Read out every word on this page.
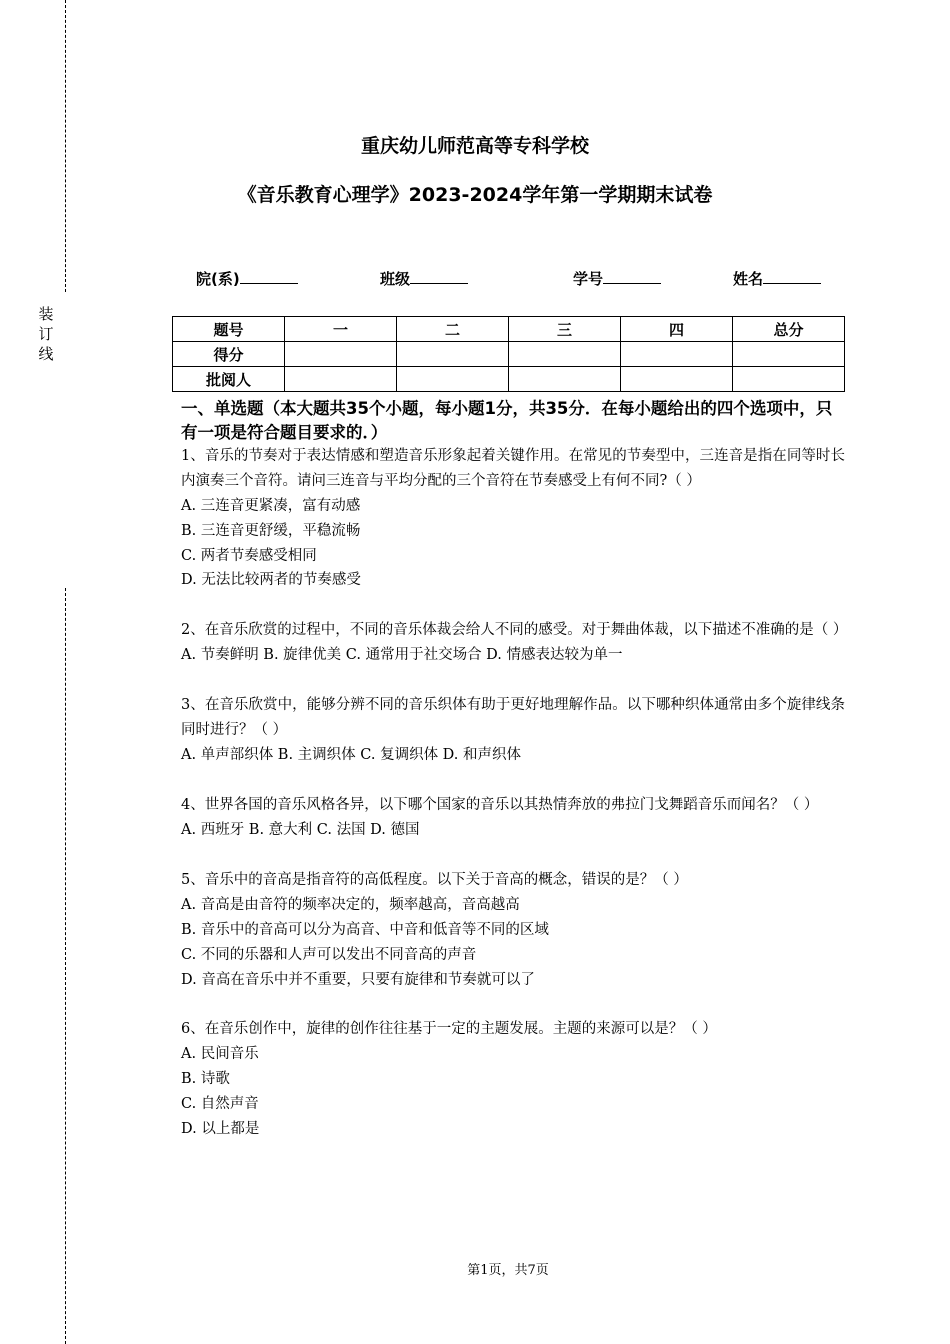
装订线
重庆幼儿师范高等专科学校
《音乐教育心理学》2023-2024学年第一学期期末试卷
院(系)	班级	学号	姓名
题号	一	二	三	四	总分
得分					
批阅人					
一、单选题（本大题共35个小题，每小题1分，共35分．在每小题给出的四个选项中，只有一项是符合题目要求的．）
1、音乐的节奏对于表达情感和塑造音乐形象起着关键作用。在常见的节奏型中，三连音是指在同等时长内演奏三个音符。请问三连音与平均分配的三个音符在节奏感受上有何不同?（ ）
A. 三连音更紧凑，富有动感
B. 三连音更舒缓，平稳流畅
C. 两者节奏感受相同
D. 无法比较两者的节奏感受
2、在音乐欣赏的过程中，不同的音乐体裁会给人不同的感受。对于舞曲体裁，以下描述不准确的是（ ）
A. 节奏鲜明 B. 旋律优美 C. 通常用于社交场合 D. 情感表达较为单一
3、在音乐欣赏中，能够分辨不同的音乐织体有助于更好地理解作品。以下哪种织体通常由多个旋律线条同时进行？（ ）
A. 单声部织体 B. 主调织体 C. 复调织体 D. 和声织体
4、世界各国的音乐风格各异，以下哪个国家的音乐以其热情奔放的弗拉门戈舞蹈音乐而闻名？（ ）
A. 西班牙 B. 意大利 C. 法国 D. 德国
5、音乐中的音高是指音符的高低程度。以下关于音高的概念，错误的是？（ ）
A. 音高是由音符的频率决定的，频率越高，音高越高
B. 音乐中的音高可以分为高音、中音和低音等不同的区域
C. 不同的乐器和人声可以发出不同音高的声音
D. 音高在音乐中并不重要，只要有旋律和节奏就可以了
6、在音乐创作中，旋律的创作往往基于一定的主题发展。主题的来源可以是？（ ）
A. 民间音乐
B. 诗歌
C. 自然声音
D. 以上都是
第1页，共7页
